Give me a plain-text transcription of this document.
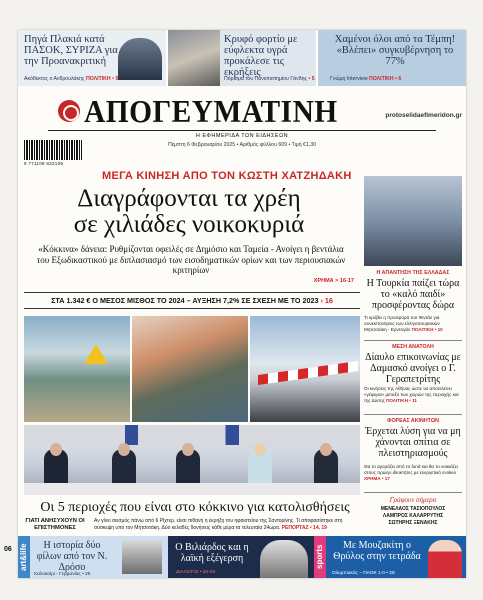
Πηγά Πλακιά κατά ΠΑΣΟΚ, ΣΥΡΙΖΑ για την Προανακριτική
Ακόθεκτος ο Ανδρουλάκης ΠΟΛΙΤΙΚΗ • 5
Κρυφό φορτίο με εύφλεκτα υγρά προκάλεσε τις εκρήξεις
Πόρισμα του Πανεπιστημίου Γάνδης • 5
Χαμένοι όλοι από τα Τέμπη! «Βλέπει» συγκυβέρνηση το 77%
Γνώμη Interview ΠΟΛΙΤΙΚΗ • 6
ΑΠΟΓΕΥΜΑΤΙΝΗ	protoselidaefimeridon.gr
Η ΕΦΗΜΕΡΙΔΑ ΤΩΝ ΕΙΔΗΣΕΩΝ
9 771108 822109
Πέμπτη 6 Φεβρουαρίου 2025 • Αριθμός φύλλου 609 • Τιμή €1,30
ΜΕΓΑ ΚΙΝΗΣΗ ΑΠΟ ΤΟΝ ΚΩΣΤΗ ΧΑΤΖΗΔΑΚΗ
Διαγράφονται τα χρέη
σε χιλιάδες νοικοκυριά
«Κόκκινα» δάνεια: Ρυθμίζονται οφειλές σε Δημόσιο και Ταμεία - Ανοίγει η βεντάλια του Εξωδικαστικού με διπλασιασμό των εισοδηματικών ορίων και των περιουσιακών κριτηρίων
ΧΡΗΜΑ > 16-17
ΣΤΑ 1.342 € Ο ΜΕΣΟΣ ΜΙΣΘΟΣ ΤΟ 2024 – ΑΥΞΗΣΗ 7,2% ΣΕ ΣΧΕΣΗ ΜΕ ΤΟ 2023 › 16
Οι 5 περιοχές που είναι στο κόκκινο για κατολισθήσεις
ΓΙΑΤΙ ΑΝΗΣΥΧΟΥΝ ΟΙ ΕΠΙΣΤΗΜΟΝΕΣ
Αν γίνει σεισμός πάνω από 6 Ρίχτερ, είναι πιθανή η έκρηξη του ηφαιστείου της Σαντορίνης. Τι αποφασίστηκε στη σύσκεψη υπό τον Μητσοτάκη. Δύο κελαδές δονήσεις κάθε μέρα τα τελευταία 24ωρα. ΡΕΠΟΡΤΑΖ • 14, 19
Η ΑΠΑΝΤΗΣΗ ΤΗΣ ΕΛΛΑΔΑΣ
Η Τουρκία παίζει τώρα το «καλό παιδί» προσφέροντας δώρα
Τι κρύβει η προσφορά του Φιντάν για συνεκπονήσεις των ελληνοτουρκικών Μητσοτάκη - Ερντογάν ΠΟΛΙΤΙΚΗ • 10
ΜΕΣΗ ΑΝΑΤΟΛΗ
Δίαυλο επικοινωνίας με Δαμασκό ανοίγει ο Γ. Γεραπετρίτης
Οι κινήσεις της Αθήνας ώστε να αποτελέσει «γέφυρα» μεταξύ των χωρών της περιοχής και της Δύσης ΠΟΛΙΤΙΚΗ • 11
ΦΟΡΕΑΣ ΑΚΙΝΗΤΩΝ
Έρχεται λύση για να μη χάνονται σπίτια σε πλειστηριασμούς
Θα το αγοράζει από το fund και θα το νοικιάζει στους πρώην ιδιοκτήτες με ευεργετικό ενοίκιο ΧΡΗΜΑ • 17
Γράφουν σήμερα
ΜΕΝΕΛΑΟΣ ΤΑΣΙΟΠΟΥΛΟΣ
ΛΑΜΠΡΟΣ ΚΑΛΑΡΡΥΤΗΣ
ΣΩΤΗΡΗΣ ΞΕΝΑΚΗΣ
art&life	Η ιστορία δύο φίλων από τον Ν. Δρόσο
Καλοκαίρι - Γερμανίας • 25
Ο Βιλιάρδος και η λαϊκή εξέγερση
ΔΙΑΛΟΓΟΙ • 18-19
sports	Με Μουζακίτη ο Θρύλος στην τετράδα
Ολυμπιακός – ΠΑΟΚ 1-0 • 28
06
